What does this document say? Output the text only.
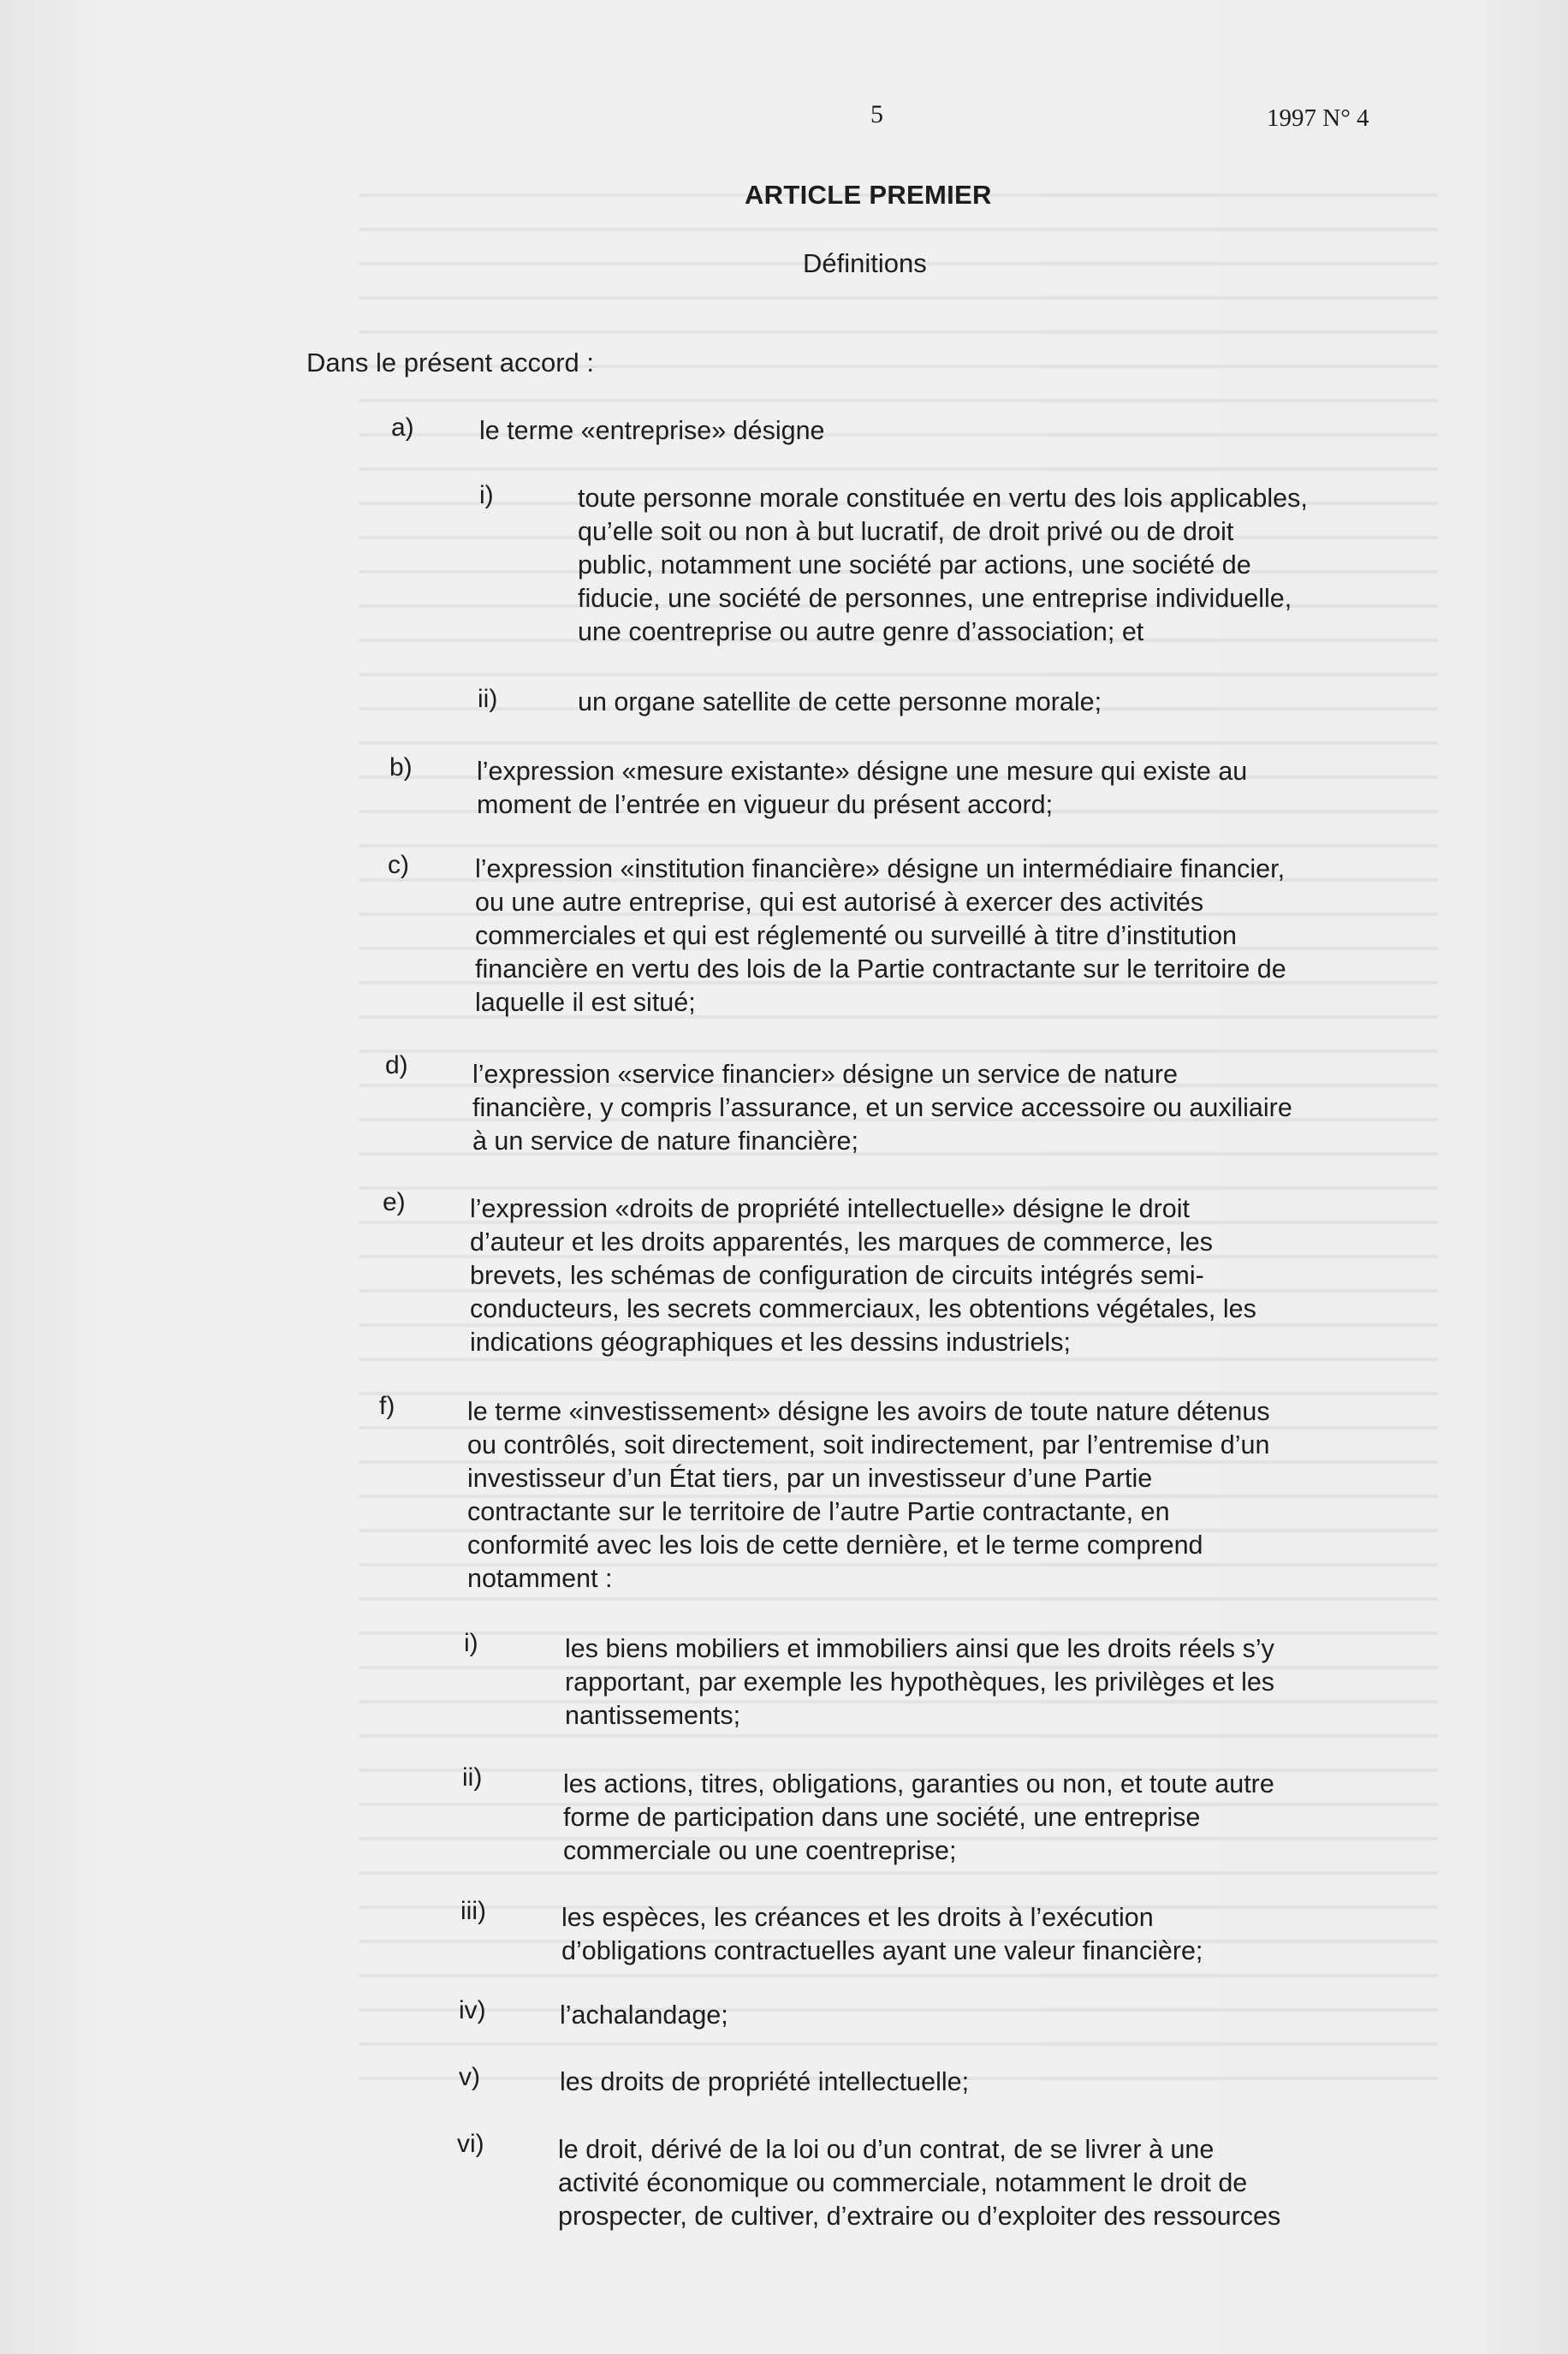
5	1997 N° 4
ARTICLE PREMIER
Définitions
Dans le présent accord :
a)	le terme «entreprise» désigne
i)	toute personne morale constituée en vertu des lois applicables,
qu’elle soit ou non à but lucratif, de droit privé ou de droit
public, notamment une société par actions, une société de
fiducie, une société de personnes, une entreprise individuelle,
une coentreprise ou autre genre d’association; et
ii)	un organe satellite de cette personne morale;
b) l’expression «mesure existante» désigne une mesure qui existe au
moment de l’entrée en vigueur du présent accord;
c)	l’expression «institution financière» désigne un intermédiaire financier,
ou une autre entreprise, qui est autorisé à exercer des activités
commerciales et qui est réglementé ou surveillé à titre d’institution
financière en vertu des lois de la Partie contractante sur le territoire de
laquelle il est situé;
d) l’expression «service financier» désigne un service de nature
financière, y compris l’assurance, et un service accessoire ou auxiliaire
à un service de nature financière;
e) l’expression «droits de propriété intellectuelle» désigne le droit
d’auteur et les droits apparentés, les marques de commerce, les
brevets, les schémas de configuration de circuits intégrés semi-
conducteurs, les secrets commerciaux, les obtentions végétales, les
indications géographiques et les dessins industriels;
f)	le terme «investissement» désigne les avoirs de toute nature détenus
ou contrôlés, soit directement, soit indirectement, par l’entremise d’un
investisseur d’un État tiers, par un investisseur d’une Partie
contractante sur le territoire de l’autre Partie contractante, en
conformité avec les lois de cette dernière, et le terme comprend
notamment :
i)	les biens mobiliers et immobiliers ainsi que les droits réels s’y
rapportant, par exemple les hypothèques, les privilèges et les
nantissements;
ii)	les actions, titres, obligations, garanties ou non, et toute autre
forme de participation dans une société, une entreprise
commerciale ou une coentreprise;
iii)	les espèces, les créances et les droits à l’exécution
d’obligations contractuelles ayant une valeur financière;
iv)	l’achalandage;
v)	les droits de propriété intellectuelle;
vi)	le droit, dérivé de la loi ou d’un contrat, de se livrer à une
activité économique ou commerciale, notamment le droit de
prospecter, de cultiver, d’extraire ou d’exploiter des ressources
